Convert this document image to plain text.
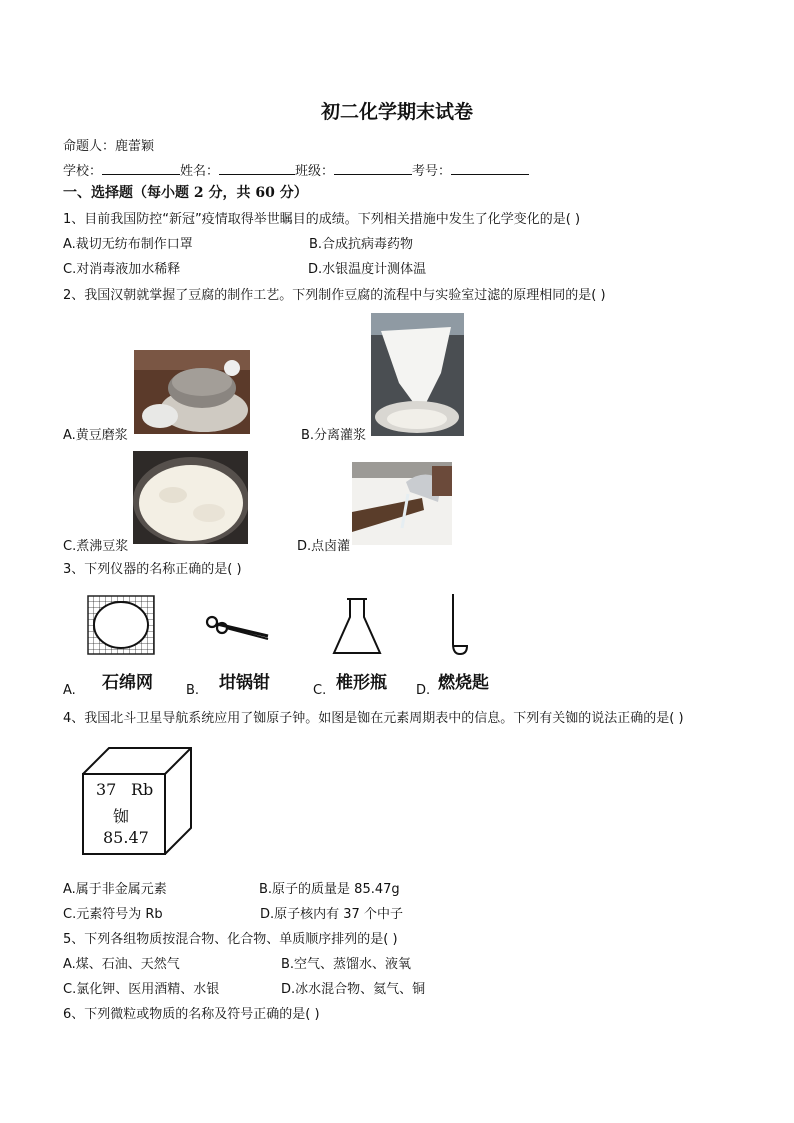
初二化学期末试卷
命题人：鹿蕾颖
学校：	姓名：	班级：	考号：
一、选择题（每小题 2 分，共 60 分）
1、目前我国防控“新冠”疫情取得举世瞩目的成绩。下列相关措施中发生了化学变化的是( )
A.裁切无纺布制作口罩	B.合成抗病毒药物
C.对消毒液加水稀释	D.水银温度计测体温
2、我国汉朝就掌握了豆腐的制作工艺。下列制作豆腐的流程中与实验室过滤的原理相同的是( )
A.黄豆磨浆	B.分离灌浆
C.煮沸豆浆	D.点卤灌
3、下列仪器的名称正确的是( )
石绵网
A.	坩锅钳
B.	椎形瓶
C.	燃烧匙
D.
4、我国北斗卫星导航系统应用了铷原子钟。如图是铷在元素周期表中的信息。下列有关铷的说法正确的是( )
37 Rb
铷
85.47
A.属于非金属元素	B.原子的质量是 85.47g
C.元素符号为 Rb	D.原子核内有 37 个中子
5、下列各组物质按混合物、化合物、单质顺序排列的是( )
A.煤、石油、天然气	B.空气、蒸馏水、液氧
C.氯化钾、医用酒精、水银	D.冰水混合物、氦气、铜
6、下列微粒或物质的名称及符号正确的是( )
